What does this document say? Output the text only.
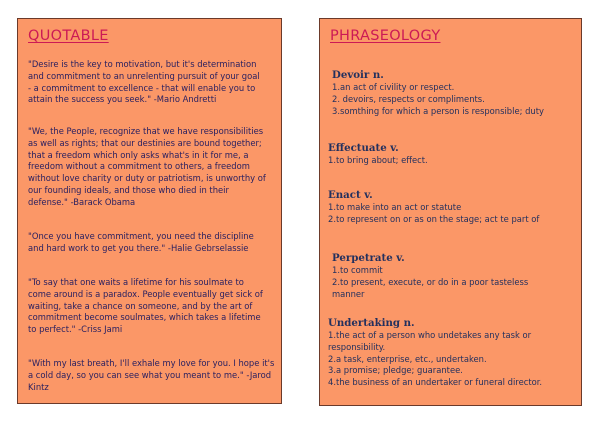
QUOTABLE
"Desire is the key to motivation, but it's determination
and commitment to an unrelenting pursuit of your goal
- a commitment to excellence - that will enable you to
attain the success you seek." -Mario Andretti
"We, the People, recognize that we have responsibilities
as well as rights; that our destinies are bound together;
that a freedom which only asks what's in it for me, a
freedom without a commitment to others, a freedom
without love charity or duty or patriotism, is unworthy of
our founding ideals, and those who died in their
defense." -Barack Obama
"Once you have commitment, you need the discipline
and hard work to get you there." -Halie Gebrselassie
"To say that one waits a lifetime for his soulmate to
come around is a paradox. People eventually get sick of
waiting, take a chance on someone, and by the art of
commitment become soulmates, which takes a lifetime
to perfect." -Criss Jami
"With my last breath, I'll exhale my love for you. I hope it's
a cold day, so you can see what you meant to me." -Jarod
Kintz
PHRASEOLOGY
Devoir n.
1.an act of civility or respect.
2. devoirs, respects or compliments.
3.somthing for which a person is responsible; duty
Effectuate v.
1.to bring about; effect.
Enact v.
1.to make into an act or statute
2.to represent on or as on the stage; act te part of
Perpetrate v.
1.to commit
2.to present, execute, or do in a poor tasteless
manner
Undertaking n.
1.the act of a person who undetakes any task or
responsibility.
2.a task, enterprise, etc., undertaken.
3.a promise; pledge; guarantee.
4.the business of an undertaker or funeral director.
